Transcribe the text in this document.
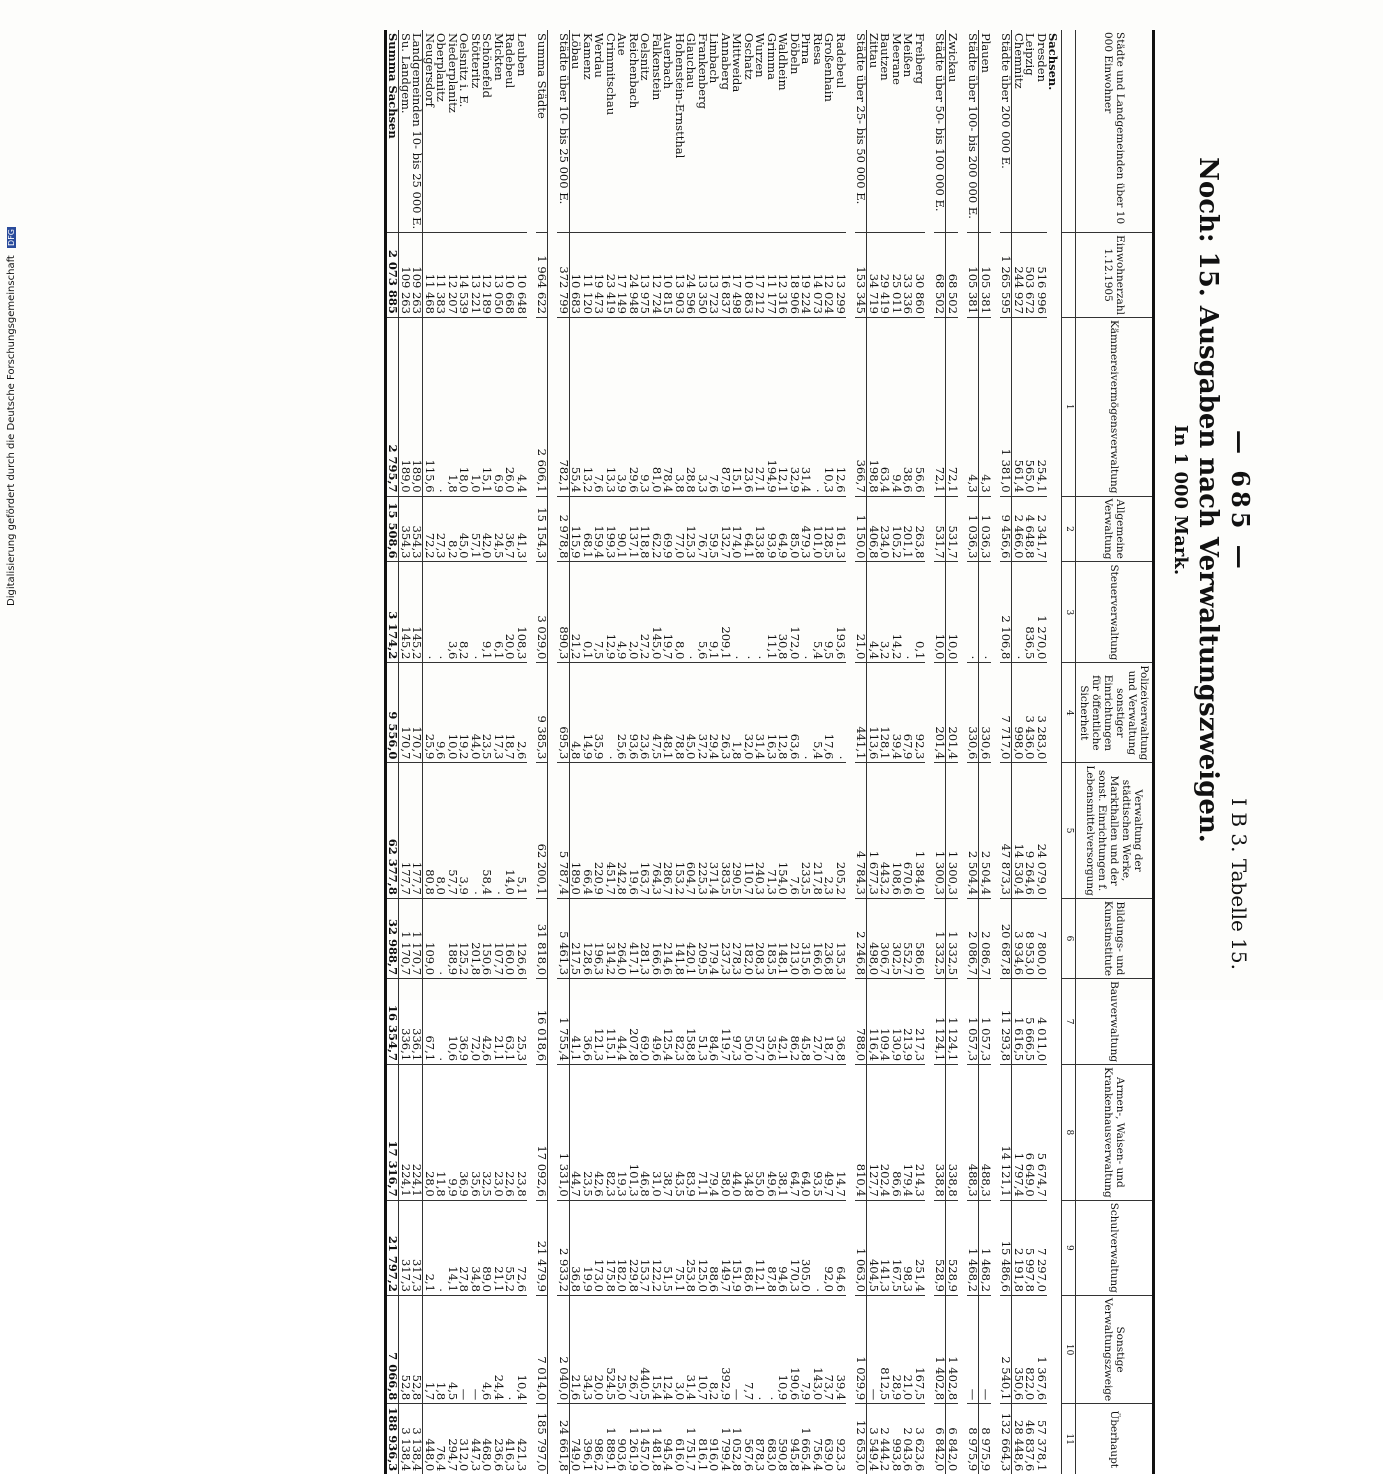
— 685 —
I B 3. Tabelle 15.
Noch: 15. Ausgaben nach Verwaltungszweigen.
In 1 000 Mark.
Städte und Landgemeinden über 10 000 Einwohner	Einwohnerzahl 1.12.1905	Kämmereivermögensverwaltung	Allgemeine Verwaltung	Steuerverwaltung	Polizeiverwaltung und Verwaltung sonstiger Einrichtungen für öffentliche Sicherheit	Verwaltung der städtischen Werke, Markthallen und der sonst. Einrichtungen f. Lebensmittelversorgung	Bildungs- und Kunstinstitute	Bauverwaltung	Armen-, Waisen- und Krankenhausverwaltung	Schulverwaltung	Sonstige Verwaltungszweige	Überhaupt
		1	2	3	4	5	6	7	8	9	10	11
Sachsen.												
Dresden	516 996	254,1	2 341,7	1 270,0	3 283,0	24 079,0	7 800,0	4 011,0	5 674,7	7 297,0	1 367,6	57 378,1
Leipzig	503 672	565,0	4 648,8	836,5	3 436,0	9 264,6	8 953,0	5 666,5	6 649,0	5 997,8	822,0	46 837,6
Chemnitz	244 927	561,4	2 466,0	·	998,0	14 530,4	3 934,6	1 616,5	1 797,4	2 191,8	350,6	28 448,6
Städte über 200 000 E.	1 265 595	1 381,0	9 456,6	2 106,8	7 717,0	47 873,3	20 687,8	11 293,8	14 121,1	15 486,6	2 540,1	132 664,3

Plauen	105 381	4,3	1 036,3	·	330,6	2 504,4	2 086,7	1 057,3	488,3	1 468,2	—	8 975,9
Städte über 100- bis 200 000 E.	105 381	4,3	1 036,3	·	330,6	2 504,4	2 086,7	1 057,3	488,3	1 468,2	—	8 975,9

Zwickau	68 502	72,1	531,7	10,0	201,4	1 300,3	1 332,5	1 124,1	338,8	528,9	1 402,8	6 842,0
Städte über 50- bis 100 000 E.	68 502	72,1	531,7	10,0	201,4	1 300,3	1 332,5	1 124,1	338,8	528,9	1 402,8	6 842,0

Freiberg	30 860	56,6	263,8	0,1	92,3	1 384,0	586,0	217,3	214,3	251,4	167,5	3 623,6
Meißen	33 336	38,6	201,1	·	67,9	670,6	552,7	213,9	179,4	98,3	21,0	2 043,6
Meerane	25 011	9,4	105,2	14,2	39,4	108,6	302,5	130,9	86,6	167,5	28,9	993,8
Bautzen	29 419	63,4	234,0	3,2	128,1	443,2	306,7	109,4	202,4	141,3	812,5	2 444,2
Zittau	34 719	198,8	406,8	4,4	113,6	1 677,3	498,0	116,4	127,7	404,5	—	3 549,4
Städte über 25- bis 50 000 E.	153 345	366,7	1 150,0	21,0	441,1	4 784,3	2 246,8	788,0	810,4	1 063,0	1 029,9	12 653,0

Radebeul	13 299	12,6	161,3	193,6	·	205,2	135,3	36,8	14,7	64,6	39,4	923,3
Großenhain	12 024	10,3	128,5	9,5	17,6	2,3	236,8	18,7	49,7	92,0	73,7	639,0
Riesa	14 073	·	101,0	5,4	5,4	217,8	166,0	27,0	93,5	·	143,0	756,4
Pirna	19 224	31,4	479,3	·	·	233,5	315,6	45,8	64,0	305,0	7,9	1 665,4
Döbeln	18 906	32,9	85,0	172,0	63,6	7,6	213,0	86,2	64,7	170,3	190,6	945,8
Waldheim	12 316	12,1	64,9	30,8	12,8	154,0	148,1	42,1	38,1	94,6	10,9	590,8
Grimma	11 177	194,9	93,9	11,1	16,3	71,3	183,5	35,6	49,6	87,8	·	683,0
Wurzen	17 212	27,1	133,8	·	31,4	240,3	208,3	57,7	55,0	112,1	·	878,3
Oschatz	10 863	23,6	64,1	·	32,0	110,7	182,0	50,0	34,8	68,6	7,7	567,6
Mittweida	17 498	15,1	174,0	·	1,8	290,5	278,3	97,3	44,0	151,9	—	1 052,8
Annaberg	16 837	87,9	132,7	209,1	26,3	383,5	237,3	119,7	58,0	149,7	392,9	1 799,4
Limbach	13 723	7,6	59,5	9,1	29,4	371,4	179,4	84,6	79,4	88,6	8,2	916,0
Frankenberg	13 350	3,3	76,7	5,6	37,2	225,3	209,5	51,3	71,1	125,0	10,7	816,1
Glauchau	24 596	28,8	125,3	·	45,0	604,7	420,1	158,8	83,9	253,8	31,4	1 751,7
Hohenstein-Ernstthal	13 903	3,8	77,0	8,0	78,8	153,2	141,8	82,3	43,5	75,1	3,0	616,0
Auerbach	10 815	78,4	69,9	19,7	48,1	286,7	214,6	125,4	38,7	51,5	12,4	945,4
Falkenstein	12 724	81,0	62,2	145,0	47,5	764,3	166,6	49,6	31,0	122,2	15,4	1 481,8
Oelsnitz	13 975	9,3	118,8	27,2	23,6	163,7	281,3	69,0	46,8	153,7	440,5	1 457,0
Reichenbach	24 948	29,6	137,1	2,0	93,6	19,6	417,1	207,8	101,3	229,8	26,7	1 261,9
Aue	17 149	3,9	90,1	4,9	25,6	242,8	264,0	44,4	19,3	182,0	25,0	903,6
Crimmitschau	23 419	13,3	199,3	12,9	·	451,7	314,2	115,1	82,3	175,8	524,5	1 889,1
Werdau	19 473	7,6	159,4	7,5	35,9	220,9	196,3	121,3	42,6	173,0	20,0	986,2
Kamenz	11 120	13,2	68,1	0,1	14,9	66,4	128,6	36,6	23,5	19,9	34,3	396,1
Löbau	10 683	55,4	115,9	21,2	4,8	189,0	217,5	41,1	44,7	36,8	21,6	749,0
Städte über 10- bis 25 000 E.	372 799	782,1	2 978,8	890,3	695,3	5 787,4	5 461,3	1 755,4	1 331,0	2 933,2	2 040,0	24 661,8

Summa Städte	1 964 622	2 606,1	15 154,3	3 029,0	9 385,3	62 200,1	31 818,0	16 018,6	17 092,6	21 479,9	7 014,0	185 797,0

Leuben	10 648	4,4	41,3	108,3	2,6	5,1	126,6	25,3	23,8	72,6	10,4	421,3
Radebeul	10 668	26,0	36,7	20,0	18,7	14,0	160,0	63,1	22,6	55,2	·	416,3
Mickten	13 050	6,9	24,5	6,1	17,3	·	107,7	21,1	23,0	21,1	24,4	236,6
Schönefeld	12 189	15,1	42,0	9,1	23,5	58,4	150,6	42,6	32,5	89,0	4,6	468,0
Stötteritz	13 221	1,0	57,1	·	44,0	·	201,8	72,0	35,6	34,8	—	447,3
Oelsnitz i. E.	14 539	18,0	45,0	8,2	19,2	3,9	125,2	36,9	36,9	27,8	—	312,0
Niederplanitz	12 207	1,8	8,2	3,6	10,0	57,7	188,9	10,6	9,9	14,1	4,5	294,7
Oberplanitz	11 383	·	27,3	·	9,6	8,0	·	·	11,8	·	1,8	76,4
Neugersdorf	11 468	115,6	72,2	·	25,9	80,8	109,0	67,1	28,0	2,1	1,7	448,0
Landgemeinden 10- bis 25 000 E.	109 263	189,0	354,3	145,2	170,7	177,7	1 170,7	336,1	224,1	317,3	52,8	3 138,4
Su. Landgem.	109 263	189,0	354,3	145,2	170,7	177,7	1 170,7	336,1	224,1	317,3	52,8	3 138,4
Summa Sachsen	2 073 885	2 795,7	15 508,6	3 174,2	9 556,0	62 377,8	32 988,7	16 354,7	17 316,7	21 797,2	7 066,8	188 936,3
Digitalisierung gefördert durch die Deutsche Forschungsgemeinschaft DFG
